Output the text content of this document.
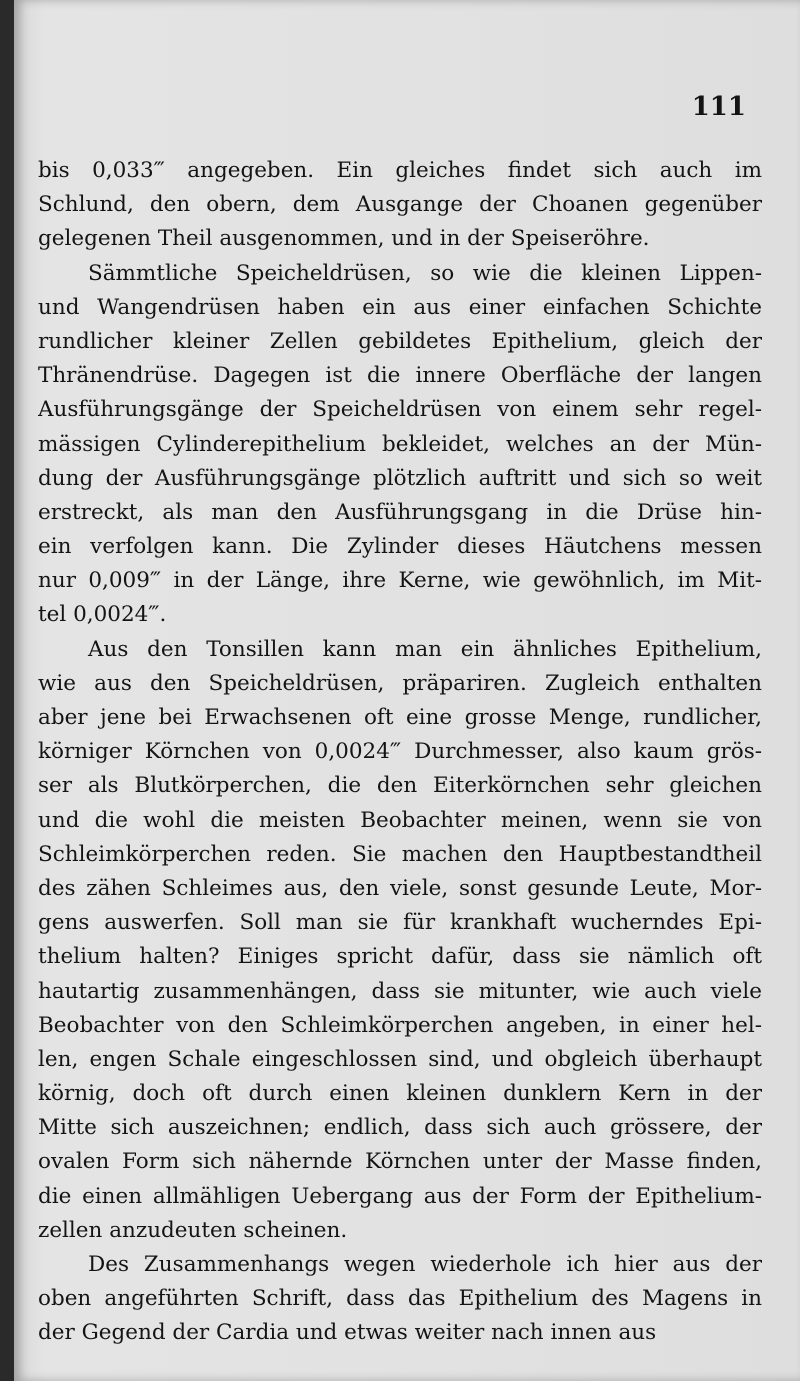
111
bis 0,033‴ angegeben. Ein gleiches findet sich auch im
Schlund, den obern, dem Ausgange der Choanen gegenüber
gelegenen Theil ausgenommen, und in der Speiseröhre.
Sämmtliche Speicheldrüsen, so wie die kleinen Lippen-
und Wangendrüsen haben ein aus einer einfachen Schichte
rundlicher kleiner Zellen gebildetes Epithelium, gleich der
Thränendrüse. Dagegen ist die innere Oberfläche der langen
Ausführungsgänge der Speicheldrüsen von einem sehr regel-
mässigen Cylinderepithelium bekleidet, welches an der Mün-
dung der Ausführungsgänge plötzlich auftritt und sich so weit
erstreckt, als man den Ausführungsgang in die Drüse hin-
ein verfolgen kann. Die Zylinder dieses Häutchens messen
nur 0,009‴ in der Länge, ihre Kerne, wie gewöhnlich, im Mit-
tel 0,0024‴.
Aus den Tonsillen kann man ein ähnliches Epithelium,
wie aus den Speicheldrüsen, präpariren. Zugleich enthalten
aber jene bei Erwachsenen oft eine grosse Menge, rundlicher,
körniger Körnchen von 0,0024‴ Durchmesser, also kaum grös-
ser als Blutkörperchen, die den Eiterkörnchen sehr gleichen
und die wohl die meisten Beobachter meinen, wenn sie von
Schleimkörperchen reden. Sie machen den Hauptbestandtheil
des zähen Schleimes aus, den viele, sonst gesunde Leute, Mor-
gens auswerfen. Soll man sie für krankhaft wucherndes Epi-
thelium halten? Einiges spricht dafür, dass sie nämlich oft
hautartig zusammenhängen, dass sie mitunter, wie auch viele
Beobachter von den Schleimkörperchen angeben, in einer hel-
len, engen Schale eingeschlossen sind, und obgleich überhaupt
körnig, doch oft durch einen kleinen dunklern Kern in der
Mitte sich auszeichnen; endlich, dass sich auch grössere, der
ovalen Form sich nähernde Körnchen unter der Masse finden,
die einen allmähligen Uebergang aus der Form der Epithelium-
zellen anzudeuten scheinen.
Des Zusammenhangs wegen wiederhole ich hier aus der
oben angeführten Schrift, dass das Epithelium des Magens in
der Gegend der Cardia und etwas weiter nach innen aus
